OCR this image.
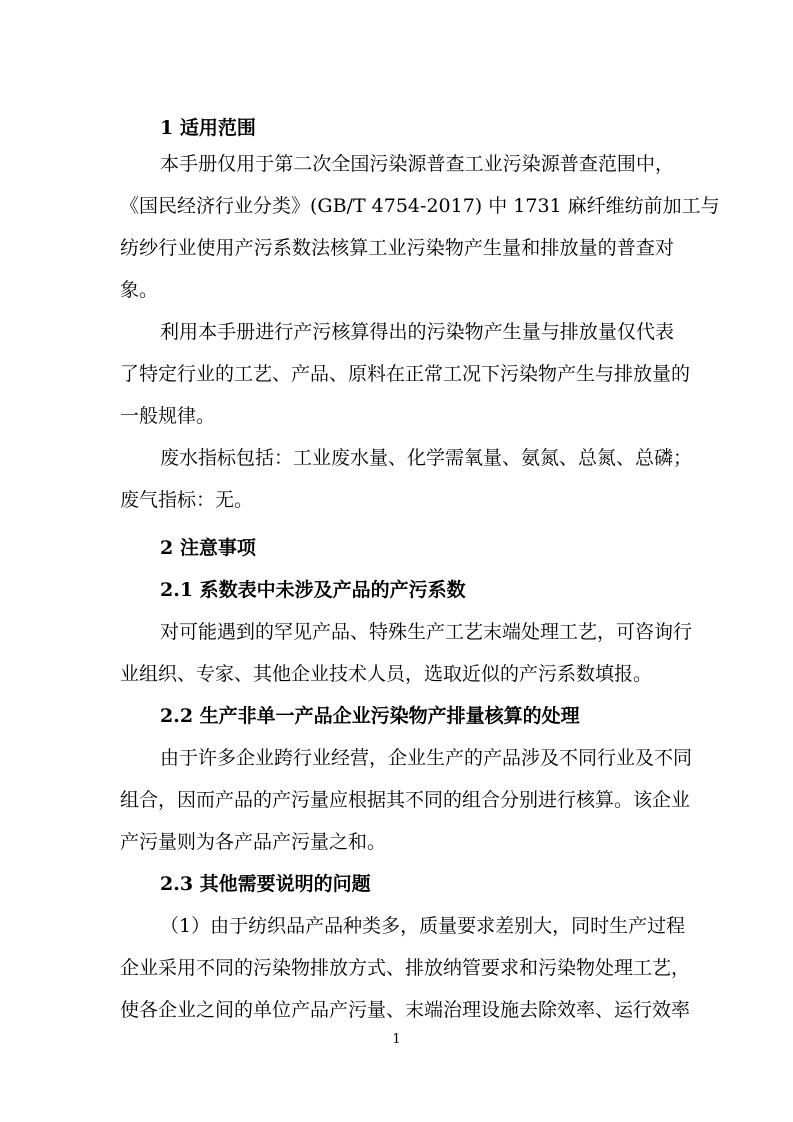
1 适用范围

本手册仅用于第二次全国污染源普查工业污染源普查范围中，

《国民经济行业分类》(GB/T 4754-2017) 中 1731 麻纤维纺前加工与

纺纱行业使用产污系数法核算工业污染物产生量和排放量的普查对

象。

利用本手册进行产污核算得出的污染物产生量与排放量仅代表

了特定行业的工艺、产品、原料在正常工况下污染物产生与排放量的

一般规律。

废水指标包括：工业废水量、化学需氧量、氨氮、总氮、总磷；

废气指标：无。

2 注意事项
2.1 系数表中未涉及产品的产污系数

对可能遇到的罕见产品、特殊生产工艺末端处理工艺，可咨询行

业组织、专家、其他企业技术人员，选取近似的产污系数填报。

2.2 生产非单一产品企业污染物产排量核算的处理

由于许多企业跨行业经营，企业生产的产品涉及不同行业及不同

组合，因而产品的产污量应根据其不同的组合分别进行核算。该企业

产污量则为各产品产污量之和。

2.3 其他需要说明的问题

（1）由于纺织品产品种类多，质量要求差别大，同时生产过程

企业采用不同的污染物排放方式、排放纳管要求和污染物处理工艺，

使各企业之间的单位产品产污量、末端治理设施去除效率、运行效率

1
